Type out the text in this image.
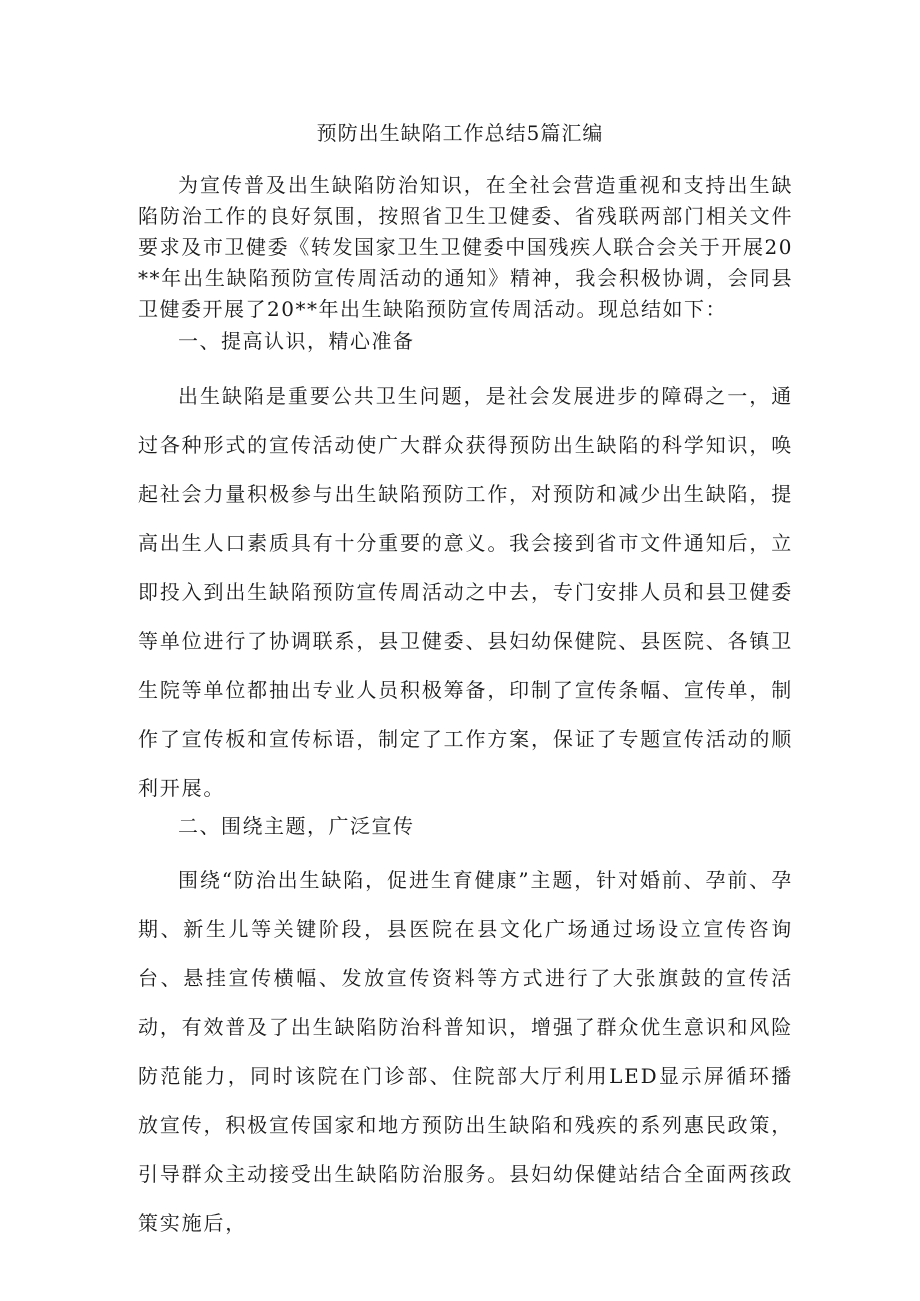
预防出生缺陷工作总结5篇汇编

为宣传普及出生缺陷防治知识，在全社会营造重视和支持出生缺陷防治工作的良好氛围，按照省卫生卫健委、省残联两部门相关文件要求及市卫健委《转发国家卫生卫健委中国残疾人联合会关于开展20**年出生缺陷预防宣传周活动的通知》精神，我会积极协调，会同县卫健委开展了20**年出生缺陷预防宣传周活动。现总结如下：

一、提高认识，精心准备

出生缺陷是重要公共卫生问题，是社会发展进步的障碍之一，通过各种形式的宣传活动使广大群众获得预防出生缺陷的科学知识，唤起社会力量积极参与出生缺陷预防工作，对预防和减少出生缺陷，提高出生人口素质具有十分重要的意义。我会接到省市文件通知后，立即投入到出生缺陷预防宣传周活动之中去，专门安排人员和县卫健委等单位进行了协调联系，县卫健委、县妇幼保健院、县医院、各镇卫生院等单位都抽出专业人员积极筹备，印制了宣传条幅、宣传单，制作了宣传板和宣传标语，制定了工作方案，保证了专题宣传活动的顺利开展。

二、围绕主题，广泛宣传

围绕“防治出生缺陷，促进生育健康”主题，针对婚前、孕前、孕期、新生儿等关键阶段，县医院在县文化广场通过场设立宣传咨询台、悬挂宣传横幅、发放宣传资料等方式进行了大张旗鼓的宣传活动，有效普及了出生缺陷防治科普知识，增强了群众优生意识和风险防范能力，同时该院在门诊部、住院部大厅利用LED显示屏循环播放宣传，积极宣传国家和地方预防出生缺陷和残疾的系列惠民政策，引导群众主动接受出生缺陷防治服务。县妇幼保健站结合全面两孩政策实施后，
